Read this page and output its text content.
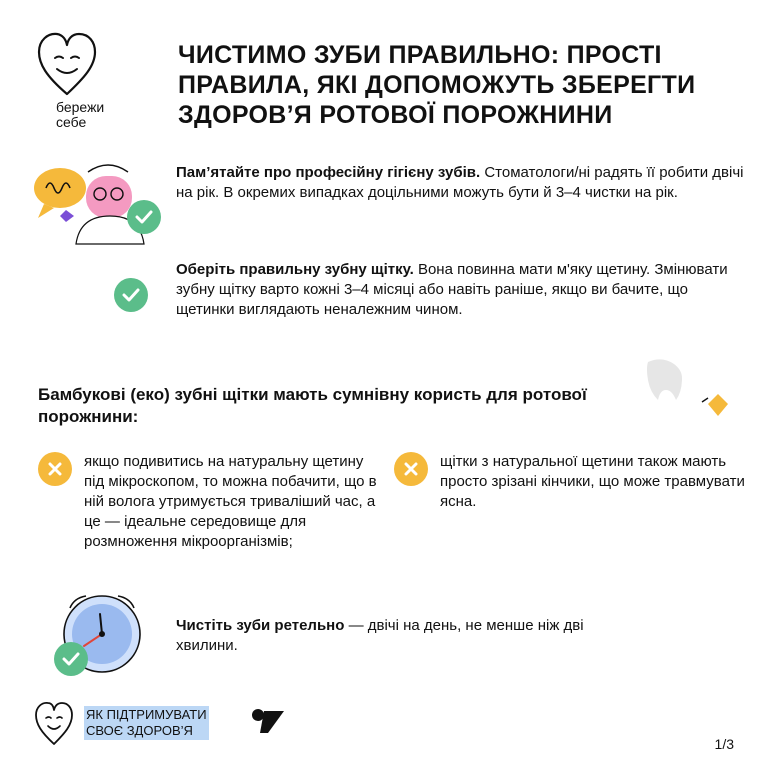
бережи
себе
ЧИСТИМО ЗУБИ ПРАВИЛЬНО: ПРОСТІ ПРАВИЛА, ЯКІ ДОПОМОЖУТЬ ЗБЕРЕГТИ ЗДОРОВ’Я РОТОВОЇ ПОРОЖНИНИ
Пам’ятайте про професійну гігієну зубів. Стоматологи/ні радять її робити двічі на рік. В окремих випадках доцільними можуть бути й 3–4 чистки на рік.
Оберіть правильну зубну щітку. Вона повинна мати м'яку щетину. Змінювати зубну щітку варто кожні 3–4 місяці або навіть раніше, якщо ви бачите, що щетинки виглядають неналежним чином.
Бамбукові (еко) зубні щітки мають сумнівну користь для ротової порожнини:
якщо подивитись на натуральну щетину під мікроскопом, то можна побачити, що в ній волога утримується триваліший час, а це — ідеальне середовище для розмноження мікроорганізмів;
щітки з натуральної щетини також мають просто зрізані кінчики, що може травмувати ясна.
Чистіть зуби ретельно — двічі на день, не менше ніж дві хвилини.
ЯК ПІДТРИМУВАТИ
СВОЄ ЗДОРОВ’Я
1/3
